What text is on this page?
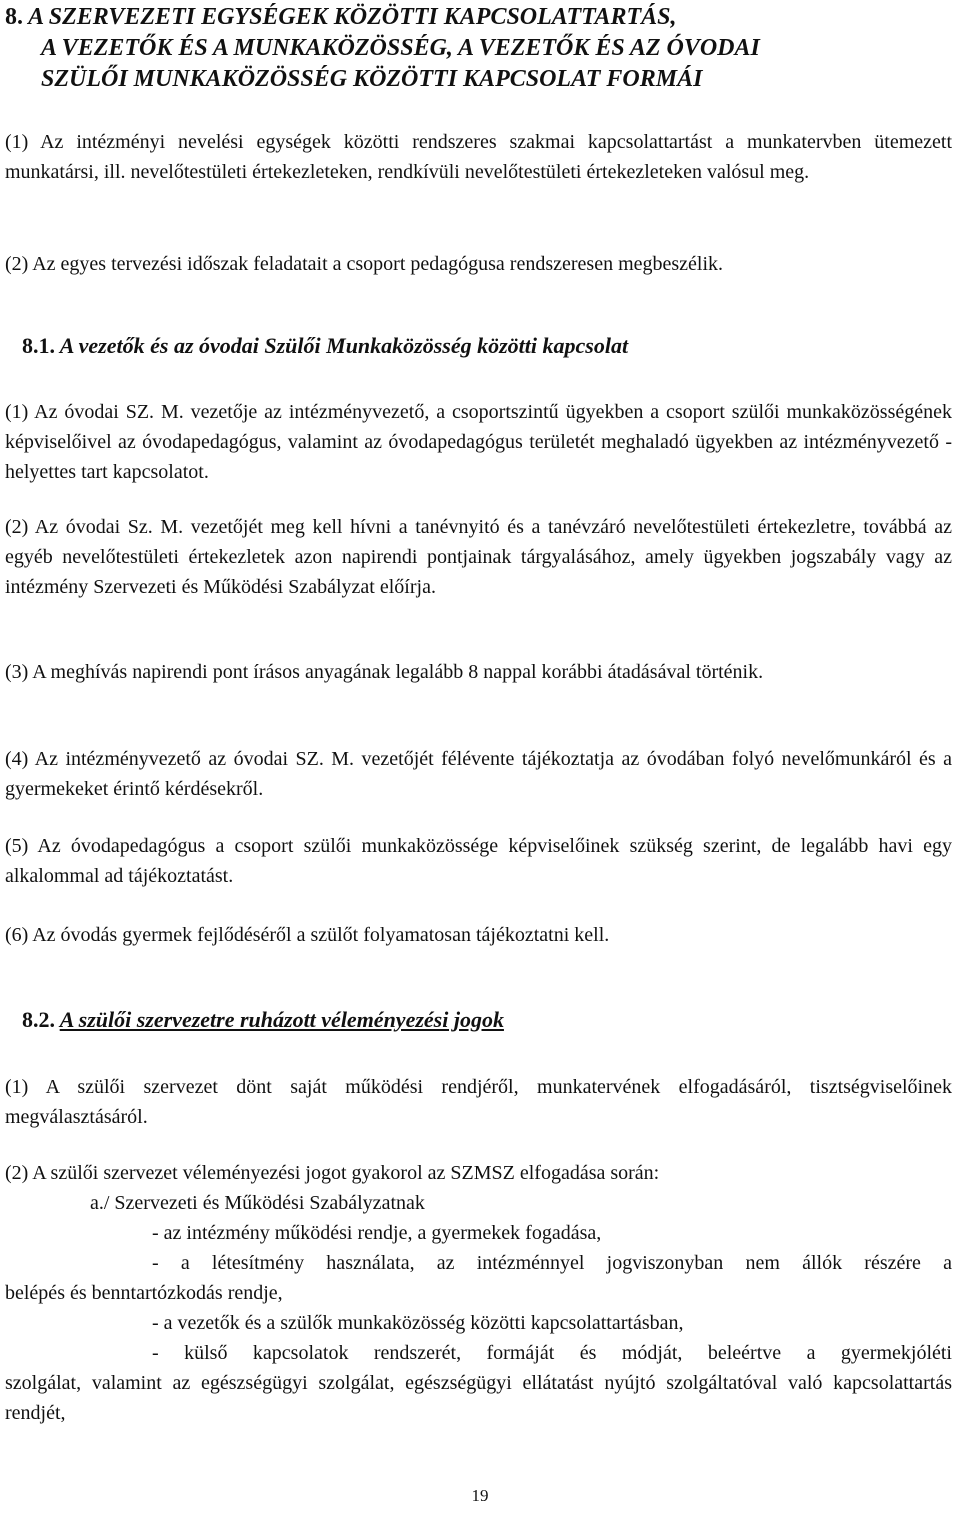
8. A SZERVEZETI EGYSÉGEK KÖZÖTTI KAPCSOLATTARTÁS,
A VEZETŐK ÉS A MUNKAKÖZÖSSÉG, A VEZETŐK ÉS AZ ÓVODAI
SZÜLŐI MUNKAKÖZÖSSÉG KÖZÖTTI KAPCSOLAT FORMÁI

(1) Az intézményi nevelési egységek közötti rendszeres szakmai kapcsolattartást a munkatervben ütemezett munkatársi, ill. nevelőtestületi értekezleteken, rendkívüli nevelőtestületi értekezleteken valósul meg.

(2) Az egyes tervezési időszak feladatait a csoport pedagógusa rendszeresen megbeszélik.

8.1. A vezetők és az óvodai Szülői Munkaközösség közötti kapcsolat

(1) Az óvodai SZ. M. vezetője az intézményvezető, a csoportszintű ügyekben a csoport szülői munkaközösségének képviselőivel az óvodapedagógus, valamint az óvodapedagógus területét meghaladó ügyekben az intézményvezető - helyettes tart kapcsolatot.

(2) Az óvodai Sz. M. vezetőjét meg kell hívni a tanévnyitó és a tanévzáró nevelőtestületi értekezletre, továbbá az egyéb nevelőtestületi értekezletek azon napirendi pontjainak tárgyalásához, amely ügyekben jogszabály vagy az intézmény Szervezeti és Működési Szabályzat előírja.

(3) A meghívás napirendi pont írásos anyagának legalább 8 nappal korábbi átadásával történik.

(4) Az intézményvezető az óvodai SZ. M. vezetőjét félévente tájékoztatja az óvodában folyó nevelőmunkáról és a gyermekeket érintő kérdésekről.

(5) Az óvodapedagógus a csoport szülői munkaközössége képviselőinek szükség szerint, de legalább havi egy alkalommal ad tájékoztatást.

(6) Az óvodás gyermek fejlődéséről a szülőt folyamatosan tájékoztatni kell.

8.2. A szülői szervezetre ruházott véleményezési jogok

(1) A szülői szervezet dönt saját működési rendjéről, munkatervének elfogadásáról, tisztségviselőinek megválasztásáról.

(2) A szülői szervezet véleményezési jogot gyakorol az SZMSZ elfogadása során:

a./ Szervezeti és Működési Szabályzatnak

- az intézmény működési rendje, a gyermekek fogadása,

- a létesítmény használata, az intézménnyel jogviszonyban nem állók részére a

belépés és benntartózkodás rendje,

- a vezetők és a szülők munkaközösség közötti kapcsolattartásban,

- külső kapcsolatok rendszerét, formáját és módját, beleértve a gyermekjóléti

szolgálat, valamint az egészségügyi szolgálat, egészségügyi ellátatást nyújtó szolgáltatóval való kapcsolattartás rendjét,

19
